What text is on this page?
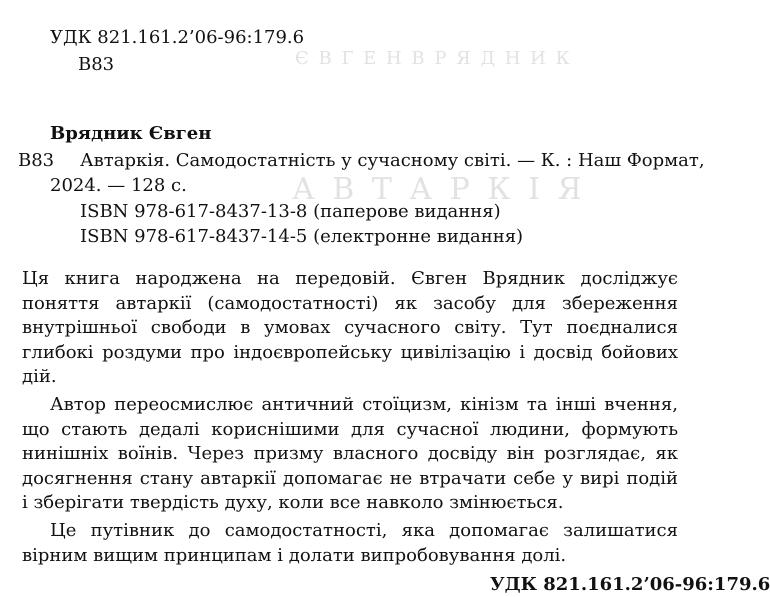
Є В Г Е Н В Р Я Д Н И К
А В Т А Р К І Я

УДК 821.161.2’06-96:179.6

В83

Врядник Євген

В83 Автаркія. Самодостатність у сучасному світі. — К. : Наш Формат,

2024. — 128 с.

ISBN 978-617-8437-13-8 (паперове видання)

ISBN 978-617-8437-14-5 (електронне видання)

Ця книга народжена на передовій. Євген Врядник досліджує поняття автаркії (самодостатності) як засобу для збереження внутрішньої свободи в умовах сучасного світу. Тут поєдналися глибокі роздуми про індоєвропейську цивілізацію і досвід бойових дій.

Автор переосмислює античний стоїцизм, кінізм та інші вчення, що стають дедалі кориснішими для сучасної людини, формують нинішніх воїнів. Через призму власного досвіду він розглядає, як досягнення стану автаркії допомагає не втрачати себе у вирі подій і зберігати твердість духу, коли все навколо змінюється.

Це путівник до самодостатності, яка допомагає залишатися вірним вищим принципам і долати випробовування долі.

УДК 821.161.2’06-96:179.6
